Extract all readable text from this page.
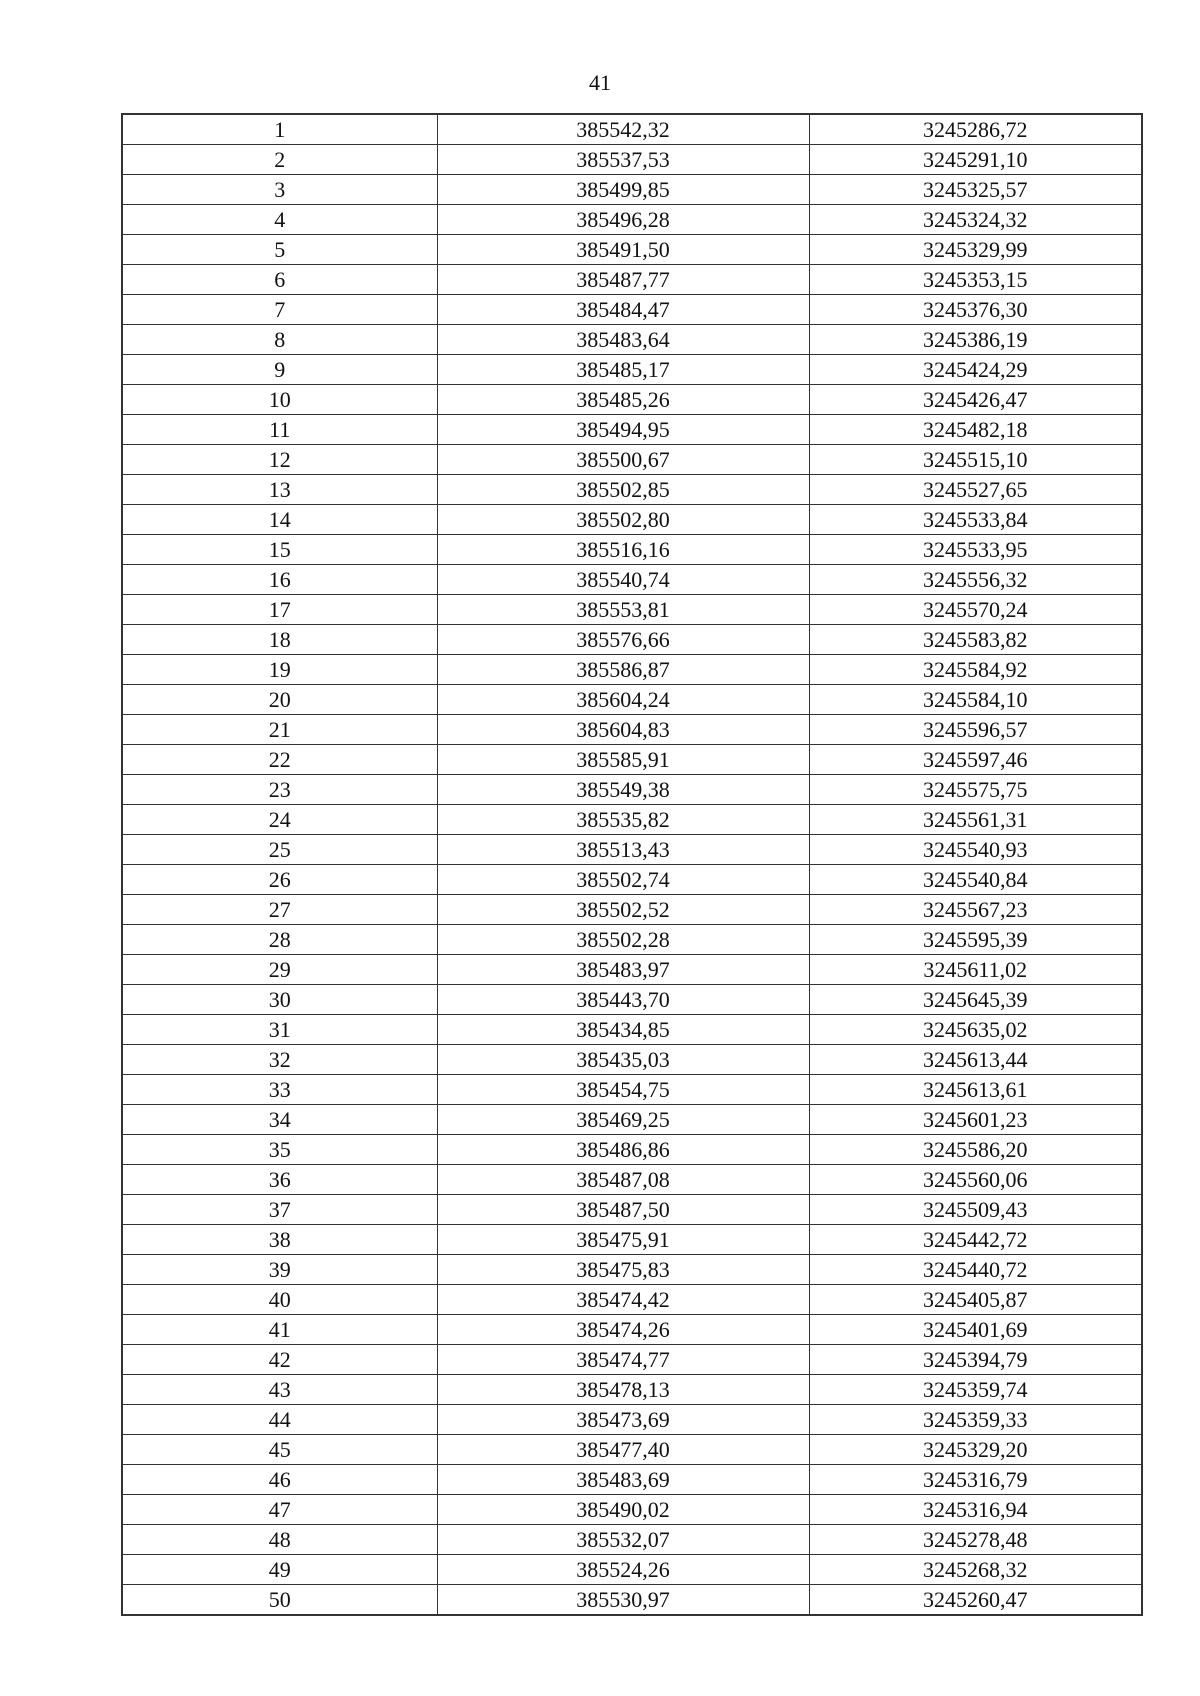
41
1	385542,32	3245286,72
2	385537,53	3245291,10
3	385499,85	3245325,57
4	385496,28	3245324,32
5	385491,50	3245329,99
6	385487,77	3245353,15
7	385484,47	3245376,30
8	385483,64	3245386,19
9	385485,17	3245424,29
10	385485,26	3245426,47
11	385494,95	3245482,18
12	385500,67	3245515,10
13	385502,85	3245527,65
14	385502,80	3245533,84
15	385516,16	3245533,95
16	385540,74	3245556,32
17	385553,81	3245570,24
18	385576,66	3245583,82
19	385586,87	3245584,92
20	385604,24	3245584,10
21	385604,83	3245596,57
22	385585,91	3245597,46
23	385549,38	3245575,75
24	385535,82	3245561,31
25	385513,43	3245540,93
26	385502,74	3245540,84
27	385502,52	3245567,23
28	385502,28	3245595,39
29	385483,97	3245611,02
30	385443,70	3245645,39
31	385434,85	3245635,02
32	385435,03	3245613,44
33	385454,75	3245613,61
34	385469,25	3245601,23
35	385486,86	3245586,20
36	385487,08	3245560,06
37	385487,50	3245509,43
38	385475,91	3245442,72
39	385475,83	3245440,72
40	385474,42	3245405,87
41	385474,26	3245401,69
42	385474,77	3245394,79
43	385478,13	3245359,74
44	385473,69	3245359,33
45	385477,40	3245329,20
46	385483,69	3245316,79
47	385490,02	3245316,94
48	385532,07	3245278,48
49	385524,26	3245268,32
50	385530,97	3245260,47
